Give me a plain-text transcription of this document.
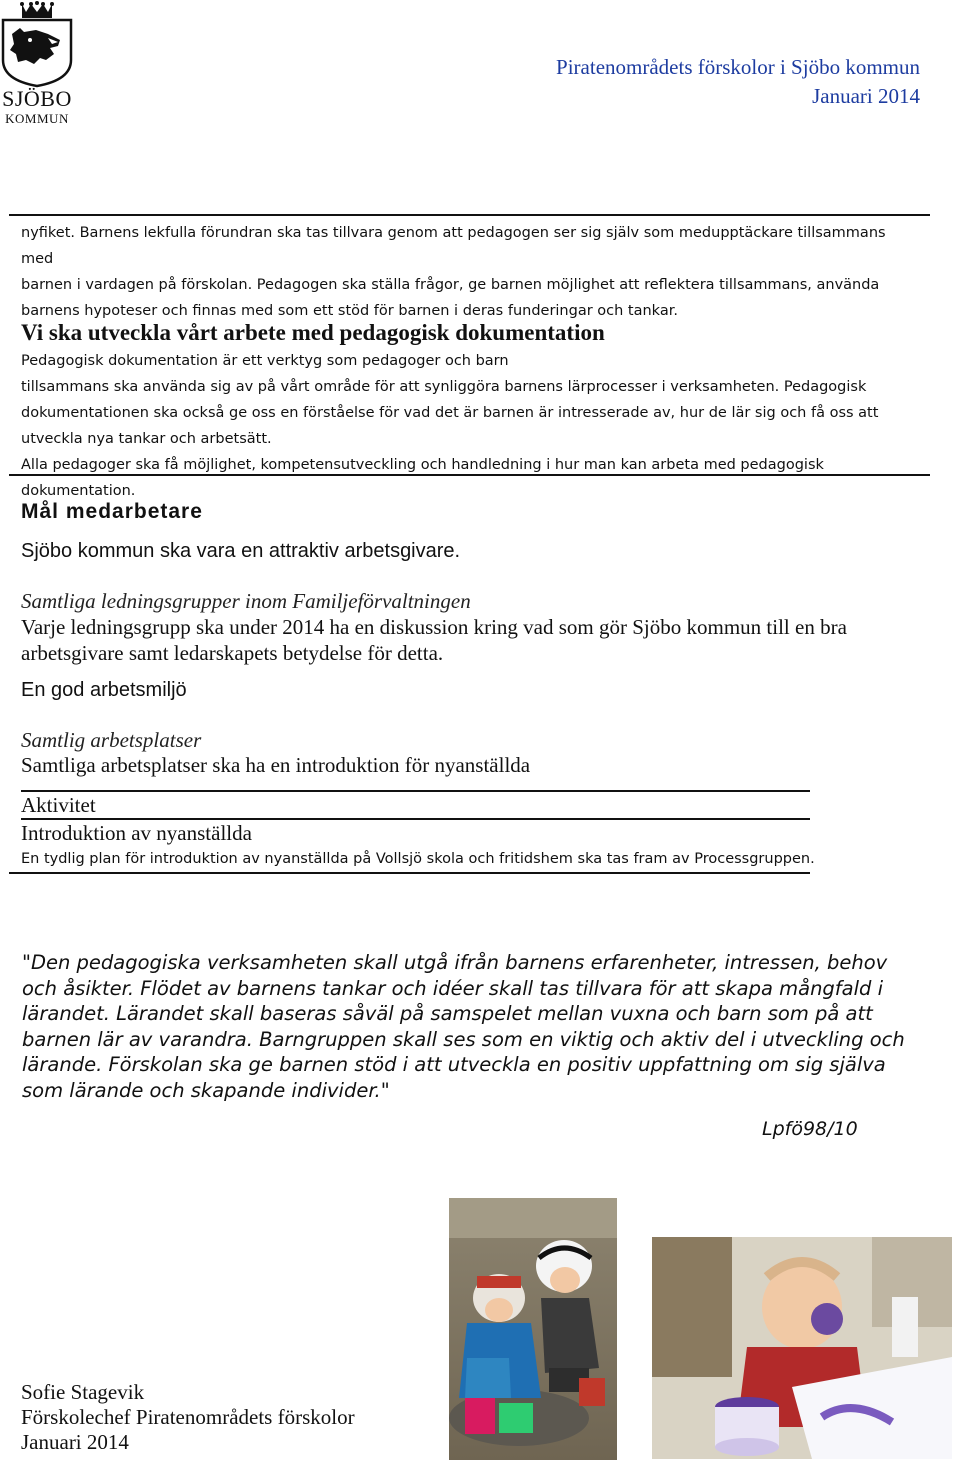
SJÖBO
KOMMUN
Piratenområdets förskolor i Sjöbo kommun
Januari 2014
nyfiket. Barnens lekfulla förundran ska tas tillvara genom att pedagogen ser sig själv som medupptäckare tillsammans med
barnen i vardagen på förskolan. Pedagogen ska ställa frågor, ge barnen möjlighet att reflektera tillsammans, använda
barnens hypoteser och finnas med som ett stöd för barnen i deras funderingar och tankar.
Vi ska utveckla vårt arbete med pedagogisk dokumentation
Pedagogisk dokumentation är ett verktyg som pedagoger och barn
tillsammans ska använda sig av på vårt område för att synliggöra barnens lärprocesser i verksamheten. Pedagogisk
dokumentationen ska också ge oss en förståelse för vad det är barnen är intresserade av, hur de lär sig och få oss att
utveckla nya tankar och arbetsätt.
Alla pedagoger ska få möjlighet, kompetensutveckling och handledning i hur man kan arbeta med pedagogisk dokumentation.
Mål medarbetare
Sjöbo kommun ska vara en attraktiv arbetsgivare.
Samtliga ledningsgrupper inom Familjeförvaltningen
Varje ledningsgrupp ska under 2014 ha en diskussion kring vad som gör Sjöbo kommun till en bra arbetsgivare samt ledarskapets betydelse för detta.
En god arbetsmiljö
Samtlig arbetsplatser
Samtliga arbetsplatser ska ha en introduktion för nyanställda
Aktivitet
Introduktion av nyanställda
En tydlig plan för introduktion av nyanställda på Vollsjö skola och fritidshem ska tas fram av Processgruppen.
"Den pedagogiska verksamheten skall utgå ifrån barnens erfarenheter, intressen, behov och åsikter. Flödet av barnens tankar och idéer skall tas tillvara för att skapa mångfald i lärandet. Lärandet skall baseras såväl på samspelet mellan vuxna och barn som på att barnen lär av varandra. Barngruppen skall ses som en viktig och aktiv del i utveckling och lärande. Förskolan ska ge barnen stöd i att utveckla en positiv uppfattning om sig själva som lärande och skapande individer."
Lpfö98/10
Sofie Stagevik
Förskolechef Piratenområdets förskolor
Januari 2014
